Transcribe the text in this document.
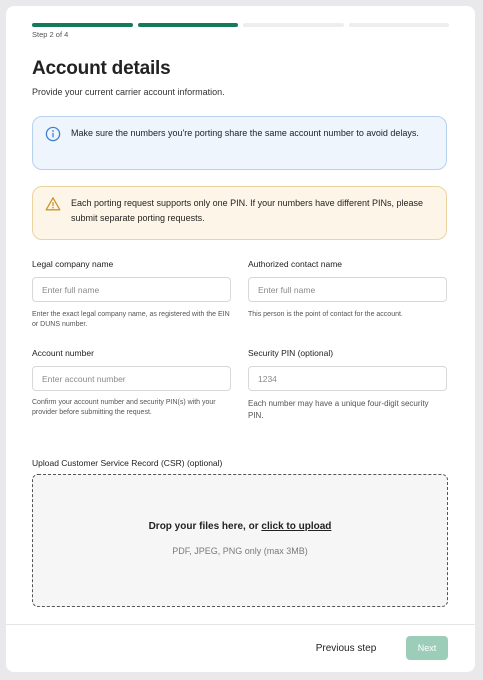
Step 2 of 4
Account details
Provide your current carrier account information.
Make sure the numbers you're porting share the same account number to avoid delays.
Each porting request supports only one PIN. If your numbers have different PINs, please submit separate porting requests.
Legal company name
Enter full name
Enter the exact legal company name, as registered with the EIN or DUNS number.
Authorized contact name
Enter full name
This person is the point of contact for the account.
Account number
Enter account number
Confirm your account number and security PIN(s) with your provider before submitting the request.
Security PIN (optional)
1234
Each number may have a unique four-digit security PIN.
Upload Customer Service Record (CSR) (optional)
Drop your files here, or click to upload
PDF, JPEG, PNG only (max 3MB)
Previous step	Next
